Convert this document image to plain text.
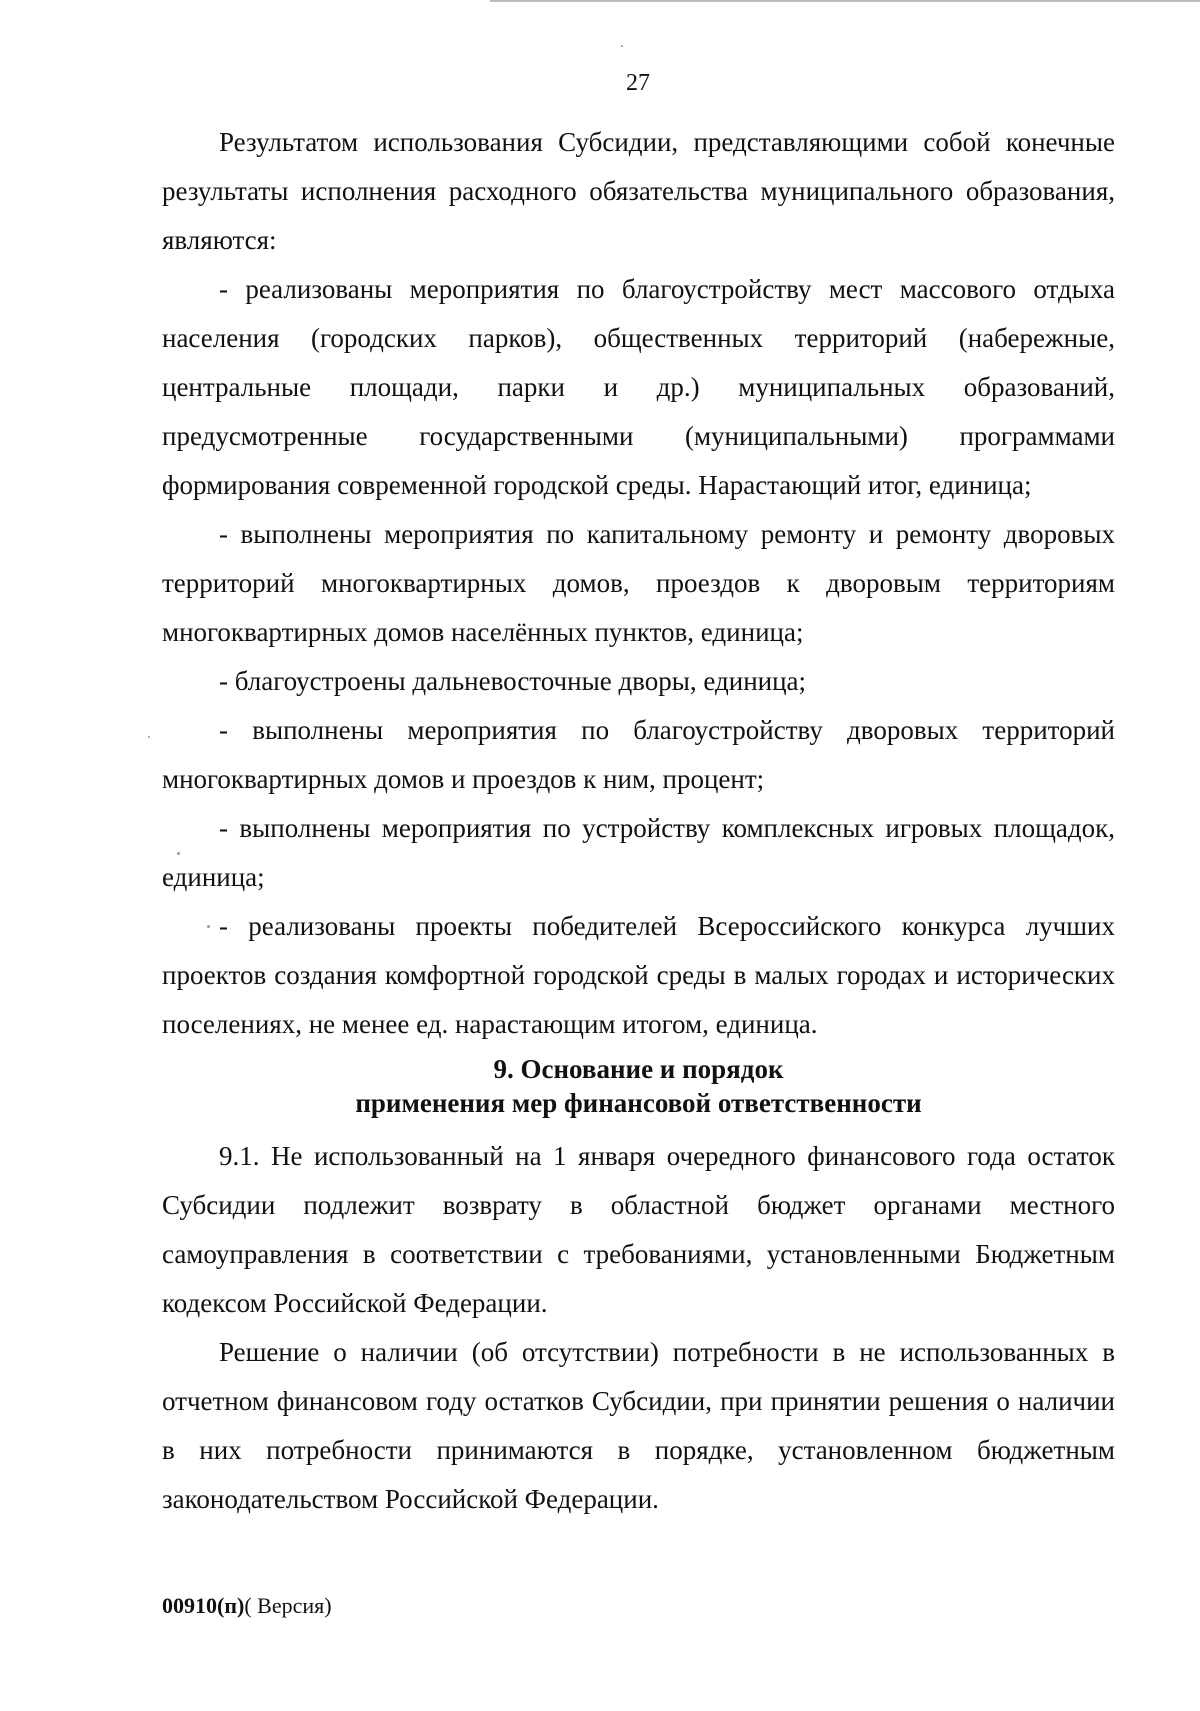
27

Результатом использования Субсидии, представляющими собой конечные результаты исполнения расходного обязательства муниципального образования, являются:

- реализованы мероприятия по благоустройству мест массового отдыха населения (городских парков), общественных территорий (набережные, центральные площади, парки и др.) муниципальных образований, предусмотренные государственными (муниципальными) программами формирования современной городской среды. Нарастающий итог, единица;

- выполнены мероприятия по капитальному ремонту и ремонту дворовых территорий многоквартирных домов, проездов к дворовым территориям многоквартирных домов населённых пунктов, единица;

- благоустроены дальневосточные дворы, единица;

- выполнены мероприятия по благоустройству дворовых территорий многоквартирных домов и проездов к ним, процент;

- выполнены мероприятия по устройству комплексных игровых площадок, единица;

- реализованы проекты победителей Всероссийского конкурса лучших проектов создания комфортной городской среды в малых городах и исторических поселениях, не менее ед. нарастающим итогом, единица.

9. Основание и порядок
применения мер финансовой ответственности

9.1. Не использованный на 1 января очередного финансового года остаток Субсидии подлежит возврату в областной бюджет органами местного самоуправления в соответствии с требованиями, установленными Бюджетным кодексом Российской Федерации.

Решение о наличии (об отсутствии) потребности в не использованных в отчетном финансовом году остатков Субсидии, при принятии решения о наличии в них потребности принимаются в порядке, установленном бюджетным законодательством Российской Федерации.

00910(п)( Версия)
